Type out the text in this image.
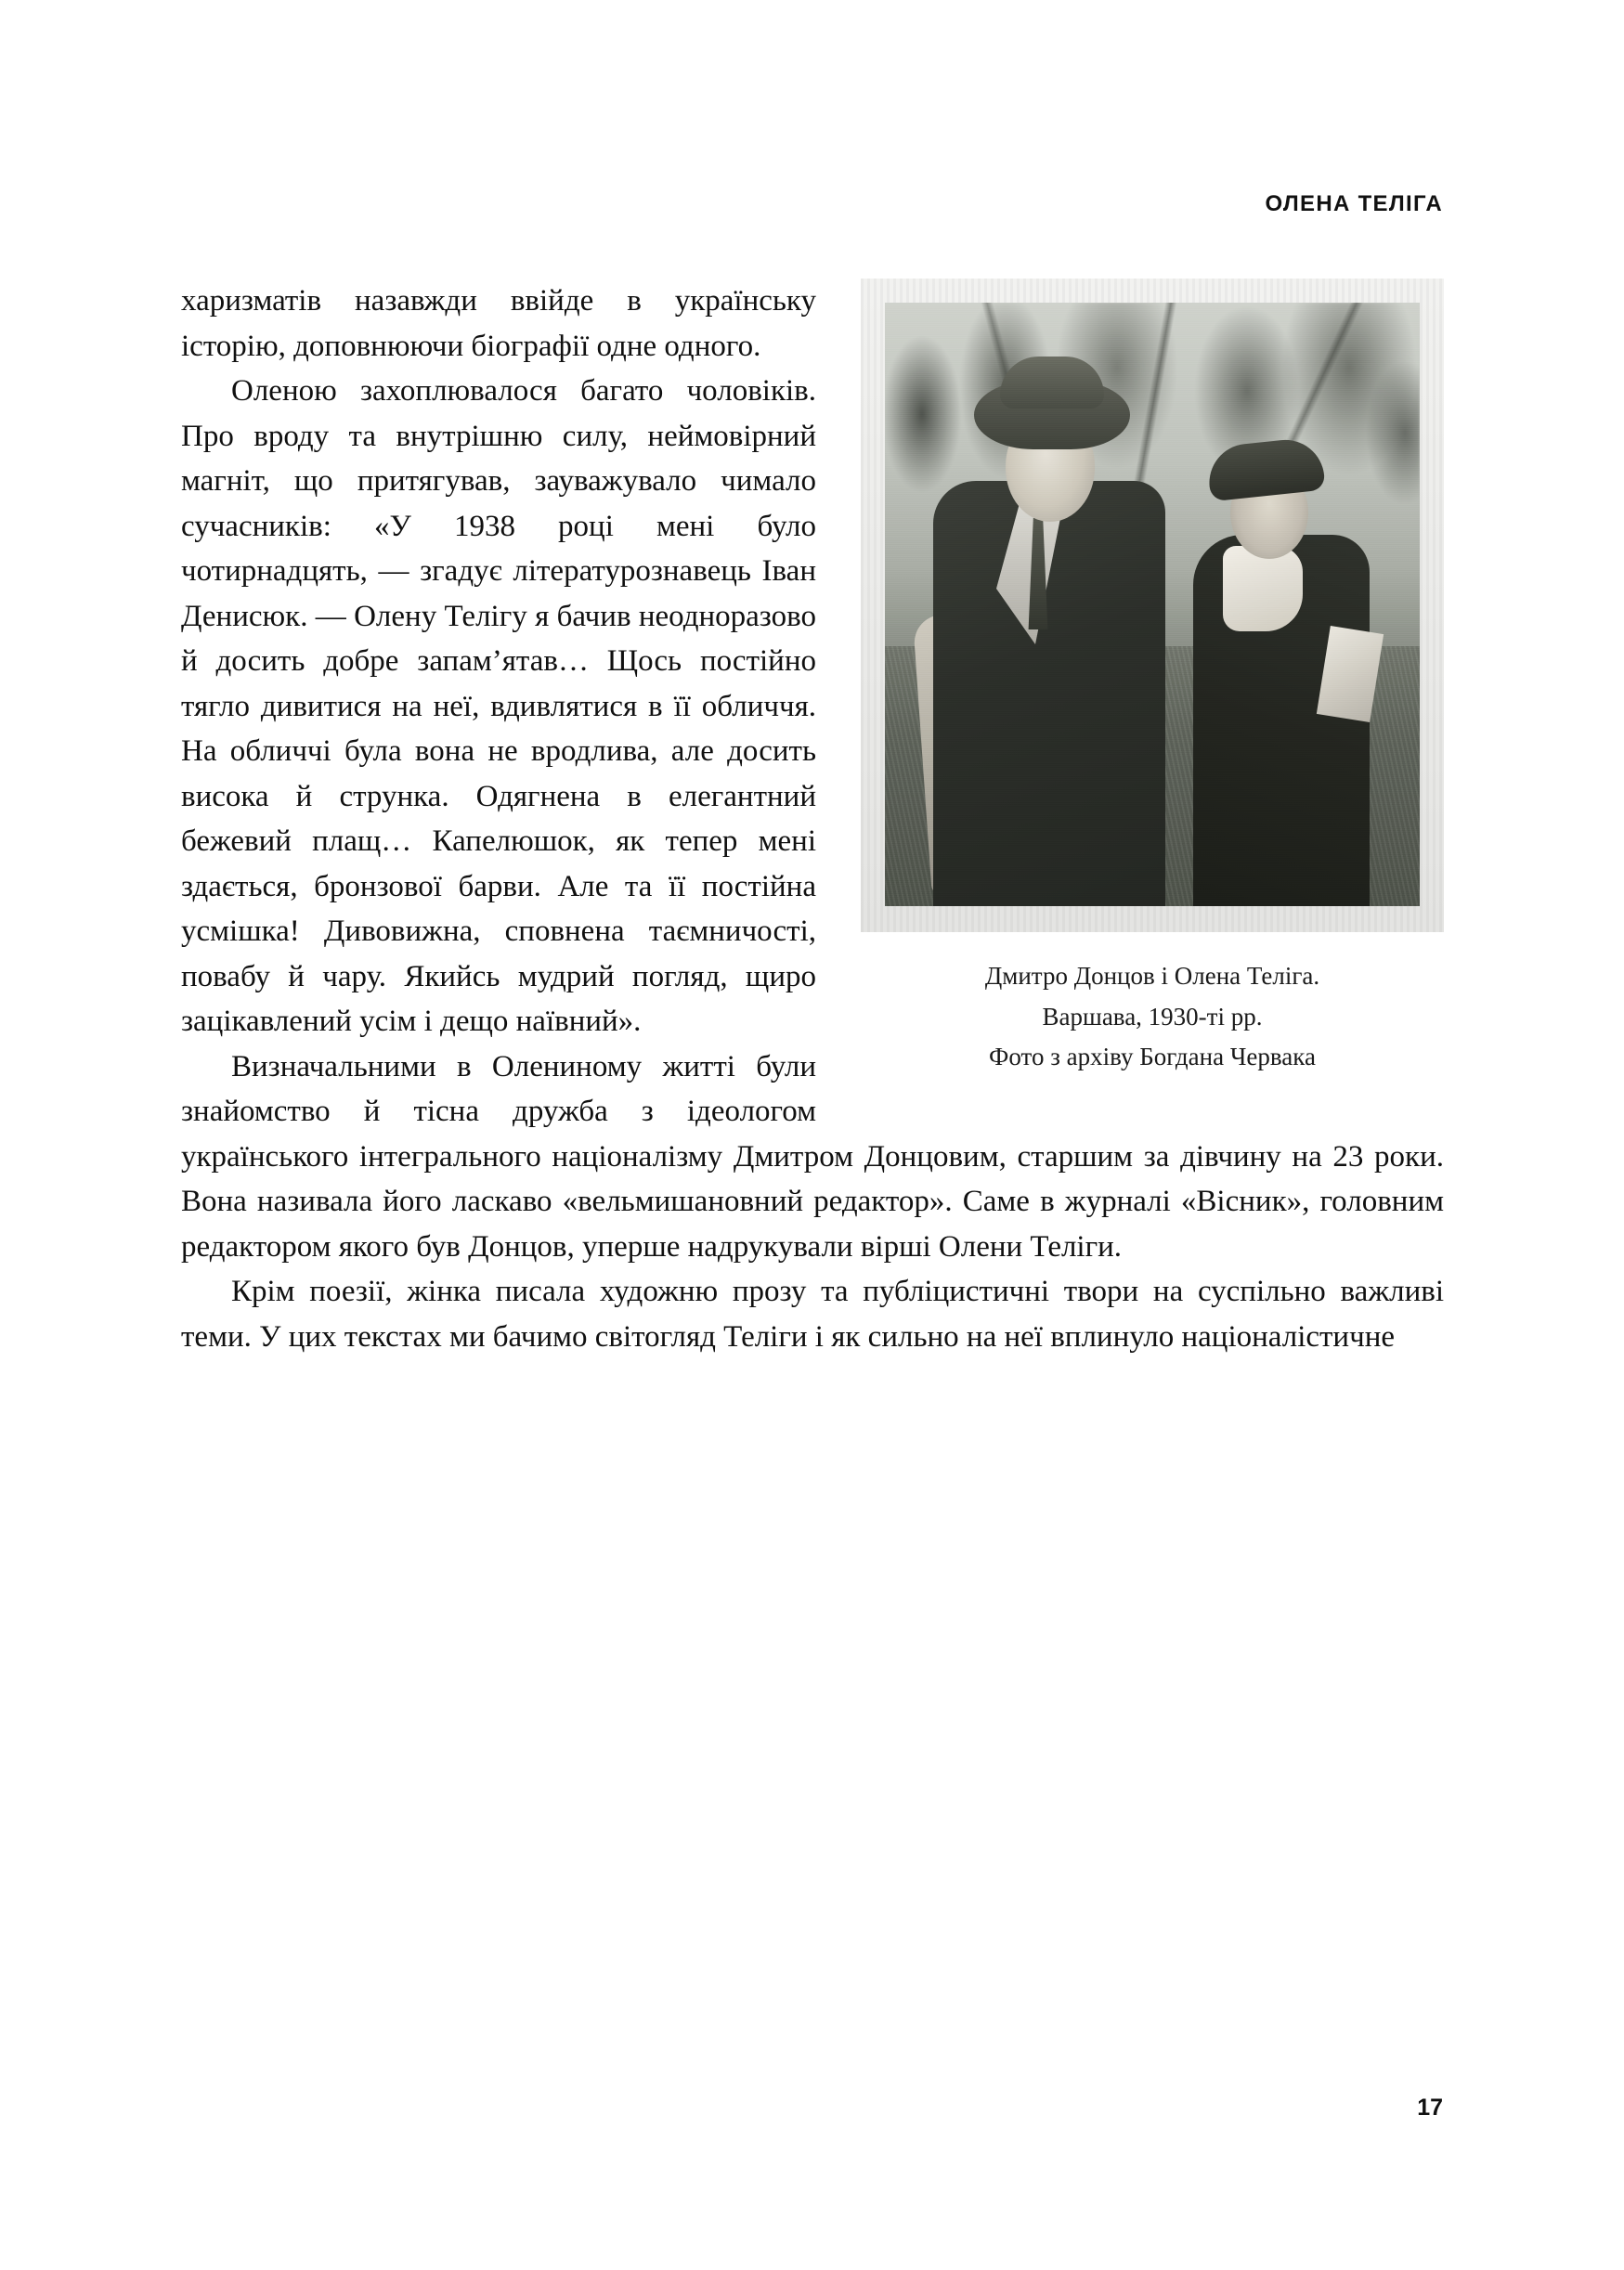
ОЛЕНА ТЕЛІГА
Дмитро Донцов і Олена Теліга.
Варшава, 1930-ті рр.
Фото з архіву Богдана Червака

харизматів назавжди ввійде в українську історію, доповнюючи біографії одне одного.

Оленою захоплювалося багато чоловіків. Про вроду та внутрішню силу, неймовірний магніт, що притягував, зауважувало чимало сучасників: «У 1938 році мені було чотирнадцять, — згадує літературознавець Іван Денисюк. — Олену Телігу я бачив неодноразово й досить добре запам’ятав… Щось постійно тягло дивитися на неї, вдивлятися в її обличчя. На обличчі була вона не вродлива, але досить висока й струнка. Одягнена в елегантний бежевий плащ… Капелюшок, як тепер мені здається, бронзової барви. Але та її постійна усмішка! Дивовижна, сповнена таємничості, повабу й чару. Якийсь мудрий погляд, щиро зацікавлений усім і дещо наївний».

Визначальними в Олениному житті були знайомство й тісна дружба з ідеологом українського інтегрального націоналізму Дмитром Донцовим, старшим за дівчину на 23 роки. Вона називала його ласкаво «вельмишановний редактор». Саме в журналі «Вісник», головним редактором якого був Донцов, уперше надрукували вірші Олени Теліги.

Крім поезії, жінка писала художню прозу та публіцистичні твори на суспільно важливі теми. У цих текстах ми бачимо світогляд Теліги і як сильно на неї вплинуло націоналістичне

17
